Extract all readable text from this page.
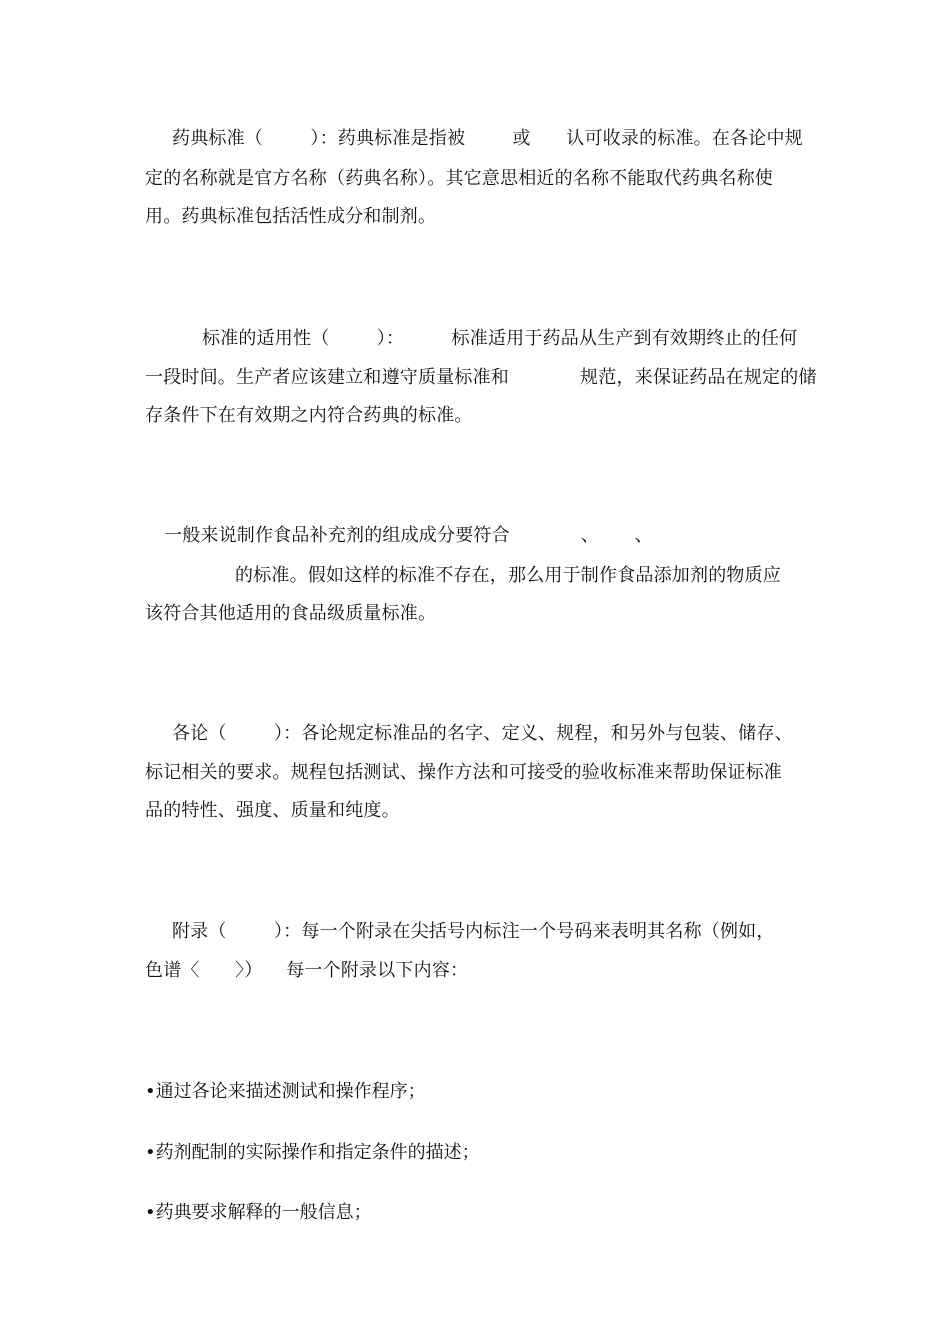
药典标准（        ）：药典标准是指被        或      认可收录的标准。在各论中规
定的名称就是官方名称（药典名称）。其它意思相近的名称不能取代药典名称使
用。药典标准包括活性成分和制剂。
标准的适用性（        ）：        标准适用于药品从生产到有效期终止的任何
一段时间。生产者应该建立和遵守质量标准和            规范，来保证药品在规定的储
存条件下在有效期之内符合药典的标准。
一般来说制作食品补充剂的组成成分要符合            、      、
的标准。假如这样的标准不存在，那么用于制作食品添加剂的物质应
该符合其他适用的食品级质量标准。
各论（        ）：各论规定标准品的名字、定义、规程，和另外与包装、储存、
标记相关的要求。规程包括测试、操作方法和可接受的验收标准来帮助保证标准
品的特性、强度、质量和纯度。
附录（        ）：每一个附录在尖括号内标注一个号码来表明其名称（例如，
色谱〈      〉）    每一个附录以下内容：
•通过各论来描述测试和操作程序；
•药剂配制的实际操作和指定条件的描述；
•药典要求解释的一般信息；
